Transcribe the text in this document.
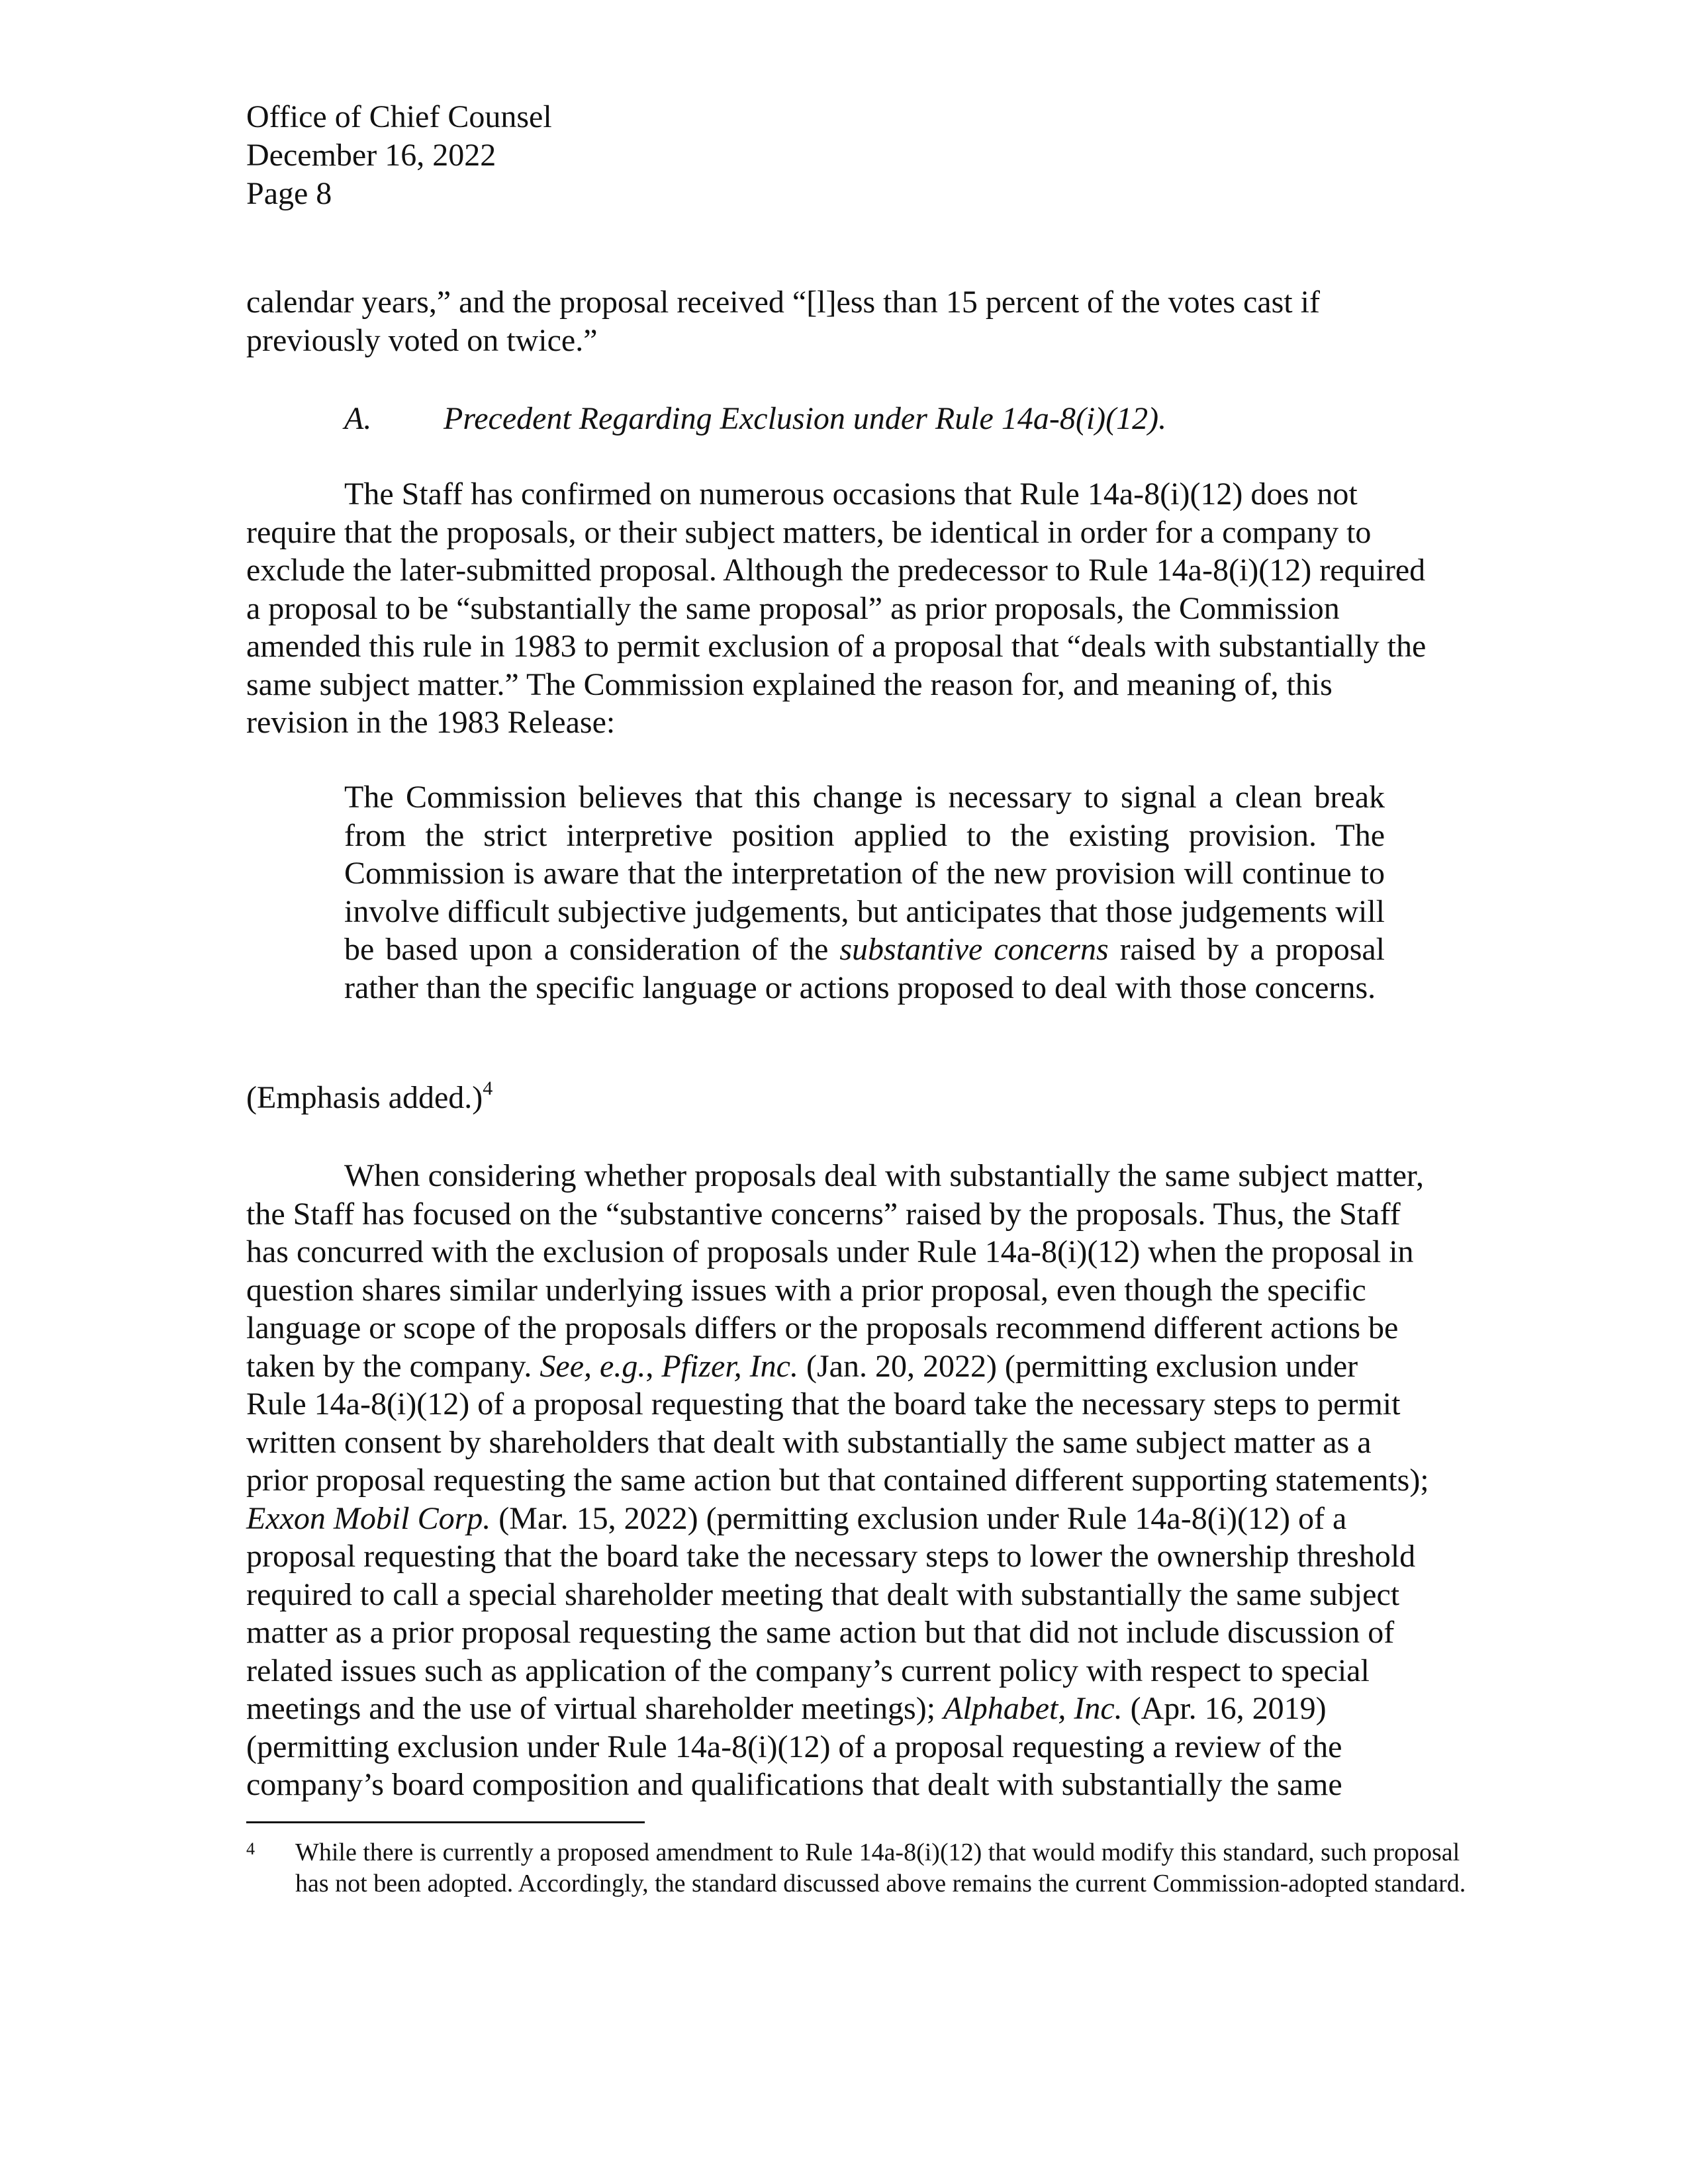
Office of Chief Counsel
December 16, 2022
Page 8
calendar years,” and the proposal received “[l]ess than 15 percent of the votes cast if
previously voted on twice.”
A. Precedent Regarding Exclusion under Rule 14a-8(i)(12).
The Staff has confirmed on numerous occasions that Rule 14a-8(i)(12) does not
require that the proposals, or their subject matters, be identical in order for a company to
exclude the later-submitted proposal. Although the predecessor to Rule 14a-8(i)(12) required
a proposal to be “substantially the same proposal” as prior proposals, the Commission
amended this rule in 1983 to permit exclusion of a proposal that “deals with substantially the
same subject matter.” The Commission explained the reason for, and meaning of, this
revision in the 1983 Release:
The Commission believes that this change is necessary to signal a clean break from the strict interpretive position applied to the existing provision. The Commission is aware that the interpretation of the new provision will continue to involve difficult subjective judgements, but anticipates that those judgements will be based upon a consideration of the substantive concerns raised by a proposal rather than the specific language or actions proposed to deal with those concerns.
(Emphasis added.)$^4$
When considering whether proposals deal with substantially the same subject matter,
the Staff has focused on the “substantive concerns” raised by the proposals. Thus, the Staff
has concurred with the exclusion of proposals under Rule 14a-8(i)(12) when the proposal in
question shares similar underlying issues with a prior proposal, even though the specific
language or scope of the proposals differs or the proposals recommend different actions be
taken by the company. See, e.g., Pfizer, Inc. (Jan. 20, 2022) (permitting exclusion under
Rule 14a-8(i)(12) of a proposal requesting that the board take the necessary steps to permit
written consent by shareholders that dealt with substantially the same subject matter as a
prior proposal requesting the same action but that contained different supporting statements);
Exxon Mobil Corp. (Mar. 15, 2022) (permitting exclusion under Rule 14a-8(i)(12) of a
proposal requesting that the board take the necessary steps to lower the ownership threshold
required to call a special shareholder meeting that dealt with substantially the same subject
matter as a prior proposal requesting the same action but that did not include discussion of
related issues such as application of the company’s current policy with respect to special
meetings and the use of virtual shareholder meetings); Alphabet, Inc. (Apr. 16, 2019)
(permitting exclusion under Rule 14a-8(i)(12) of a proposal requesting a review of the
company’s board composition and qualifications that dealt with substantially the same
4 While there is currently a proposed amendment to Rule 14a-8(i)(12) that would modify this standard, such proposal has not been adopted. Accordingly, the standard discussed above remains the current Commission-adopted standard.
